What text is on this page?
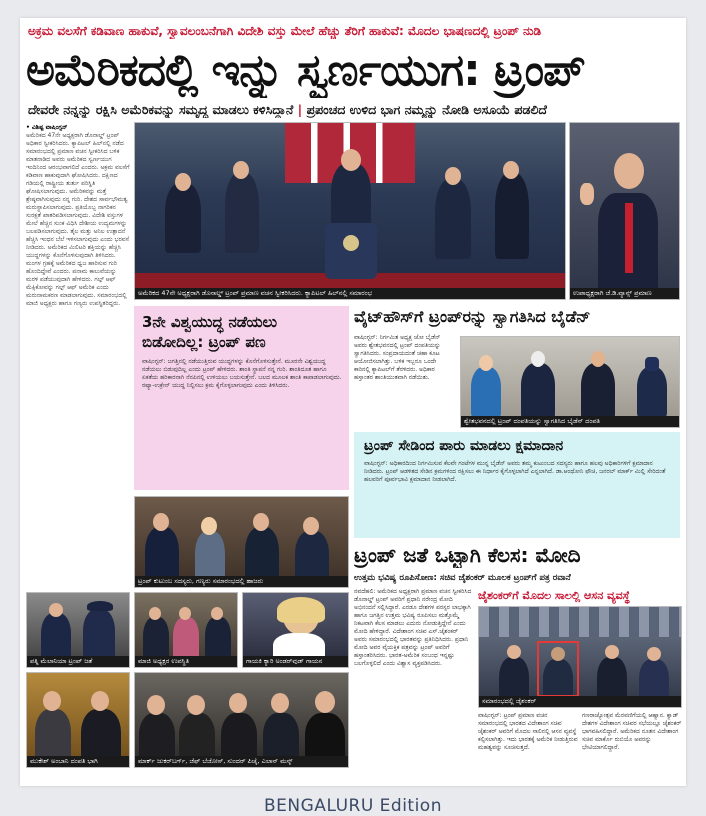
ಅಕ್ರಮ ವಲಸೆಗೆ ಕಡಿವಾಣ ಹಾಕುವೆ, ಸ್ವಾವಲಂಬನೆಗಾಗಿ ವಿದೇಶಿ ವಸ್ತು ಮೇಲೆ ಹೆಚ್ಚು ತೆರಿಗೆ ಹಾಕುವೆ: ಮೊದಲ ಭಾಷಣದಲ್ಲಿ ಟ್ರಂಪ್ ನುಡಿ
ಅಮೆರಿಕದಲ್ಲಿ ಇನ್ನು ಸ್ವರ್ಣಯುಗ: ಟ್ರಂಪ್
ದೇವರೇ ನನ್ನನ್ನು ರಕ್ಷಿಸಿ ಅಮೆರಿಕವನ್ನು ಸಮೃದ್ಧ ಮಾಡಲು ಕಳಿಸಿದ್ದಾನೆ | ಪ್ರಪಂಚದ ಉಳಿದ ಭಾಗ ನಮ್ಮನ್ನು ನೋಡಿ ಅಸೂಯೆ ಪಡಲಿದೆ
• ವಿಶಿಷ್ಟ ವಾಷಿಂಗ್ಟನ್
ಅಮೆರಿಕದ 47ನೇ ಅಧ್ಯಕ್ಷರಾಗಿ ಡೊನಾಲ್ಡ್ ಟ್ರಂಪ್ ಅಧಿಕಾರ ಸ್ವೀಕರಿಸಿದರು. ಕ್ಯಾಪಿಟಲ್ ಹಿಲ್‌ನಲ್ಲಿ ನಡೆದ ಸಮಾರಂಭದಲ್ಲಿ ಪ್ರಮಾಣ ವಚನ ಸ್ವೀಕರಿಸಿದ ಬಳಿಕ ಮಾತನಾಡಿದ ಅವರು ಅಮೆರಿಕದ ಸ್ವರ್ಣಯುಗ ಇಂದಿನಿಂದ ಆರಂಭವಾಗಲಿದೆ ಎಂದರು. ಅಕ್ರಮ ವಲಸೆಗೆ ಕಡಿವಾಣ ಹಾಕುವುದಾಗಿ ಘೋಷಿಸಿದರು. ದಕ್ಷಿಣದ ಗಡಿಯಲ್ಲಿ ರಾಷ್ಟ್ರೀಯ ತುರ್ತು ಪರಿಸ್ಥಿತಿ ಘೋಷಿಸಲಾಗುವುದು. ಅಮೆರಿಕವನ್ನು ಮತ್ತೆ ಶ್ರೇಷ್ಠವಾಗಿಸುವುದು ನನ್ನ ಗುರಿ. ದೇಶದ ಸಾರ್ವಭೌಮತ್ವ ಮರುಸ್ಥಾಪಿಸಲಾಗುವುದು. ಪ್ರತಿಯೊಬ್ಬ ನಾಗರಿಕನ ಸುರಕ್ಷತೆ ಖಾತರಿಪಡಿಸಲಾಗುವುದು. ವಿದೇಶಿ ವಸ್ತುಗಳ ಮೇಲೆ ಹೆಚ್ಚಿನ ಸುಂಕ ವಿಧಿಸಿ ದೇಶೀಯ ಉದ್ಯಮಗಳನ್ನು ಬಲಪಡಿಸಲಾಗುವುದು. ತೈಲ ಮತ್ತು ಅನಿಲ ಉತ್ಪಾದನೆ ಹೆಚ್ಚಿಸಿ ಇಂಧನ ಬೆಲೆ ಇಳಿಸಲಾಗುವುದು ಎಂದು ಭರವಸೆ ನೀಡಿದರು. ಅಮೆರಿಕದ ಮಿಲಿಟರಿ ಶಕ್ತಿಯನ್ನು ಹೆಚ್ಚಿಸಿ ಯುದ್ಧಗಳನ್ನು ಕೊನೆಗೊಳಿಸುವುದಾಗಿ ತಿಳಿಸಿದರು. ಮಂಗಳ ಗ್ರಹಕ್ಕೆ ಅಮೆರಿಕದ ಧ್ವಜ ಹಾರಿಸುವ ಗುರಿ ಹೊಂದಿದ್ದೇವೆ ಎಂದರು. ಪನಾಮ ಕಾಲುವೆಯನ್ನು ಮರಳಿ ಪಡೆಯುವುದಾಗಿ ಹೇಳಿದರು. ಗಲ್ಫ್ ಆಫ್ ಮೆಕ್ಸಿಕೋವನ್ನು ಗಲ್ಫ್ ಆಫ್ ಅಮೆರಿಕ ಎಂದು ಮರುನಾಮಕರಣ ಮಾಡಲಾಗುವುದು. ಸಮಾರಂಭದಲ್ಲಿ ಮಾಜಿ ಅಧ್ಯಕ್ಷರು ಹಾಗೂ ಗಣ್ಯರು ಉಪಸ್ಥಿತರಿದ್ದರು.
ಅಮೆರಿಕದ 47ನೇ ಅಧ್ಯಕ್ಷರಾಗಿ ಡೊನಾಲ್ಡ್ ಟ್ರಂಪ್ ಪ್ರಮಾಣ ವಚನ ಸ್ವೀಕರಿಸಿದರು. ಕ್ಯಾಪಿಟಲ್ ಹಿಲ್‌ನಲ್ಲಿ ಸಮಾರಂಭ	ಉಪಾಧ್ಯಕ್ಷರಾಗಿ ಜೆ.ಡಿ.ವ್ಯಾನ್ಸ್ ಪ್ರಮಾಣ
3ನೇ ವಿಶ್ವಯುದ್ಧ ನಡೆಯಲು ಬಿಡೋದಿಲ್ಲ: ಟ್ರಂಪ್ ಪಣ
ವಾಷಿಂಗ್ಟನ್: ಜಗತ್ತಿನಲ್ಲಿ ನಡೆಯುತ್ತಿರುವ ಯುದ್ಧಗಳನ್ನು ಕೊನೆಗೊಳಿಸುತ್ತೇನೆ. ಮೂರನೇ ವಿಶ್ವಯುದ್ಧ ನಡೆಯಲು ಬಿಡುವುದಿಲ್ಲ ಎಂದು ಟ್ರಂಪ್ ಹೇಳಿದರು. ಶಾಂತಿ ಸ್ಥಾಪನೆ ನನ್ನ ಗುರಿ. ಶಾಂತಿದೂತ ಹಾಗೂ ಏಕತೆಯ ಹರಿಕಾರನಾಗಿ ನೆನಪಿನಲ್ಲಿ ಉಳಿಯಲು ಬಯಸುತ್ತೇನೆ. ಬಲದ ಮೂಲಕ ಶಾಂತಿ ಕಾಪಾಡಲಾಗುವುದು. ರಷ್ಯಾ-ಉಕ್ರೇನ್ ಯುದ್ಧ ನಿಲ್ಲಿಸಲು ಕ್ರಮ ಕೈಗೊಳ್ಳಲಾಗುವುದು ಎಂದು ತಿಳಿಸಿದರು.
ವೈಟ್‌ಹೌಸ್‌ಗೆ ಟ್ರಂಪ್‌ರನ್ನು ಸ್ವಾಗತಿಸಿದ ಬೈಡೆನ್
ವಾಷಿಂಗ್ಟನ್: ನಿರ್ಗಮಿತ ಅಧ್ಯಕ್ಷ ಜೋ ಬೈಡೆನ್ ಅವರು ಶ್ವೇತಭವನದಲ್ಲಿ ಟ್ರಂಪ್ ದಂಪತಿಯನ್ನು ಸ್ವಾಗತಿಸಿದರು. ಸಂಪ್ರದಾಯದಂತೆ ಚಹಾ ಕೂಟ ಆಯೋಜಿಸಲಾಗಿತ್ತು. ಬಳಿಕ ಇಬ್ಬರೂ ಒಂದೇ ಕಾರಿನಲ್ಲಿ ಕ್ಯಾಪಿಟಲ್‌ಗೆ ತೆರಳಿದರು. ಅಧಿಕಾರ ಹಸ್ತಾಂತರ ಶಾಂತಿಯುತವಾಗಿ ನಡೆಯಿತು.
ಶ್ವೇತಭವನದಲ್ಲಿ ಟ್ರಂಪ್ ದಂಪತಿಯನ್ನು ಸ್ವಾಗತಿಸಿದ ಬೈಡೆನ್ ದಂಪತಿ
ಟ್ರಂಪ್ ಸೇಡಿಂದ ಪಾರು ಮಾಡಲು ಕ್ಷಮಾದಾನ
ವಾಷಿಂಗ್ಟನ್: ಅಧಿಕಾರದಿಂದ ನಿರ್ಗಮಿಸುವ ಕೆಲವೇ ಗಂಟೆಗಳ ಮುನ್ನ ಬೈಡೆನ್ ಅವರು ತಮ್ಮ ಕುಟುಂಬದ ಸದಸ್ಯರು ಹಾಗೂ ಹಲವು ಅಧಿಕಾರಿಗಳಿಗೆ ಕ್ಷಮಾದಾನ ನೀಡಿದರು. ಟ್ರಂಪ್ ಆಡಳಿತದ ಸೇಡಿನ ಕ್ರಮಗಳಿಂದ ರಕ್ಷಿಸಲು ಈ ನಿರ್ಧಾರ ಕೈಗೊಳ್ಳಲಾಗಿದೆ ಎನ್ನಲಾಗಿದೆ. ಡಾ.ಆಂಥೋನಿ ಫೌಚಿ, ಜನರಲ್ ಮಾರ್ಕ್ ಮಿಲ್ಲಿ ಸೇರಿದಂತೆ ಹಲವರಿಗೆ ಪೂರ್ವಭಾವಿ ಕ್ಷಮಾದಾನ ನೀಡಲಾಗಿದೆ.
ಟ್ರಂಪ್ ಕುಟುಂಬ ಸದಸ್ಯರು, ಗಣ್ಯರು ಸಮಾರಂಭದಲ್ಲಿ ಹಾಜರು
ಟ್ರಂಪ್ ಜತೆ ಒಟ್ಟಾಗಿ ಕೆಲಸ: ಮೋದಿ
ಉತ್ತಮ ಭವಿಷ್ಯ ರೂಪಿಸೋಣ: ಸಚಿವ ಜೈಶಂಕರ್ ಮೂಲಕ ಟ್ರಂಪ್‌ಗೆ ಪತ್ರ ರವಾನೆ
ಪತ್ನಿ ಮೆಲಾನಿಯಾ ಟ್ರಂಪ್ ಜತೆ	ಮಾಜಿ ಅಧ್ಯಕ್ಷರ ಉಪಸ್ಥಿತಿ	ಗಾಯಕಿ ಕ್ಯಾರಿ ಅಂಡರ್‌ವುಡ್ ಗಾಯನ
ಮುಕೇಶ್ ಅಂಬಾನಿ ದಂಪತಿ ಭಾಗಿ	ಮಾರ್ಕ್ ಜುಕರ್‌ಬರ್ಗ್, ಜೆಫ್ ಬೆಜೋಸ್, ಸುಂದರ್ ಪಿಚೈ, ಎಲಾನ್ ಮಸ್ಕ್
ನವದೆಹಲಿ: ಅಮೆರಿಕದ ಅಧ್ಯಕ್ಷರಾಗಿ ಪ್ರಮಾಣ ವಚನ ಸ್ವೀಕರಿಸಿದ ಡೊನಾಲ್ಡ್ ಟ್ರಂಪ್ ಅವರಿಗೆ ಪ್ರಧಾನಿ ನರೇಂದ್ರ ಮೋದಿ ಅಭಿನಂದನೆ ಸಲ್ಲಿಸಿದ್ದಾರೆ. ಎರಡೂ ದೇಶಗಳ ಪರಸ್ಪರ ಲಾಭಕ್ಕಾಗಿ ಹಾಗೂ ಜಗತ್ತಿನ ಉತ್ತಮ ಭವಿಷ್ಯ ರೂಪಿಸಲು ಮತ್ತೊಮ್ಮೆ ನಿಕಟವಾಗಿ ಕೆಲಸ ಮಾಡಲು ಎದುರು ನೋಡುತ್ತಿದ್ದೇನೆ ಎಂದು ಮೋದಿ ಹೇಳಿದ್ದಾರೆ. ವಿದೇಶಾಂಗ ಸಚಿವ ಎಸ್.ಜೈಶಂಕರ್ ಅವರು ಸಮಾರಂಭದಲ್ಲಿ ಭಾರತವನ್ನು ಪ್ರತಿನಿಧಿಸಿದರು. ಪ್ರಧಾನಿ ಮೋದಿ ಅವರ ವೈಯಕ್ತಿಕ ಪತ್ರವನ್ನು ಟ್ರಂಪ್ ಅವರಿಗೆ ಹಸ್ತಾಂತರಿಸಿದರು. ಭಾರತ-ಅಮೆರಿಕ ಸಂಬಂಧ ಇನ್ನಷ್ಟು ಬಲಗೊಳ್ಳಲಿದೆ ಎಂದು ವಿಶ್ವಾಸ ವ್ಯಕ್ತಪಡಿಸಿದರು.
ಜೈಶಂಕರ್‌ಗೆ ಮೊದಲ ಸಾಲಲ್ಲಿ ಆಸನ ವ್ಯವಸ್ಥೆ
ಸಮಾರಂಭದಲ್ಲಿ ಜೈಶಂಕರ್
ವಾಷಿಂಗ್ಟನ್: ಟ್ರಂಪ್ ಪ್ರಮಾಣ ವಚನ ಸಮಾರಂಭದಲ್ಲಿ ಭಾರತದ ವಿದೇಶಾಂಗ ಸಚಿವ ಜೈಶಂಕರ್ ಅವರಿಗೆ ಮೊದಲ ಸಾಲಿನಲ್ಲಿ ಆಸನ ವ್ಯವಸ್ಥೆ ಕಲ್ಪಿಸಲಾಗಿತ್ತು. ಇದು ಭಾರತಕ್ಕೆ ಅಮೆರಿಕ ನೀಡುತ್ತಿರುವ ಮಹತ್ವವನ್ನು ಸೂಚಿಸುತ್ತದೆ.
ಗಣರಾಜ್ಯೋತ್ಸವ ಮೆರವಣಿಗೆಯಲ್ಲಿ ಆಹ್ವಾನ. ಕ್ವಾಡ್ ದೇಶಗಳ ವಿದೇಶಾಂಗ ಸಚಿವರ ಸಭೆಯಲ್ಲೂ ಜೈಶಂಕರ್ ಭಾಗವಹಿಸಲಿದ್ದಾರೆ. ಅಮೆರಿಕದ ನೂತನ ವಿದೇಶಾಂಗ ಸಚಿವ ಮಾರ್ಕೊ ರುಬಿಯೊ ಅವರನ್ನು ಭೇಟಿಯಾಗಲಿದ್ದಾರೆ.
BENGALURU Edition
